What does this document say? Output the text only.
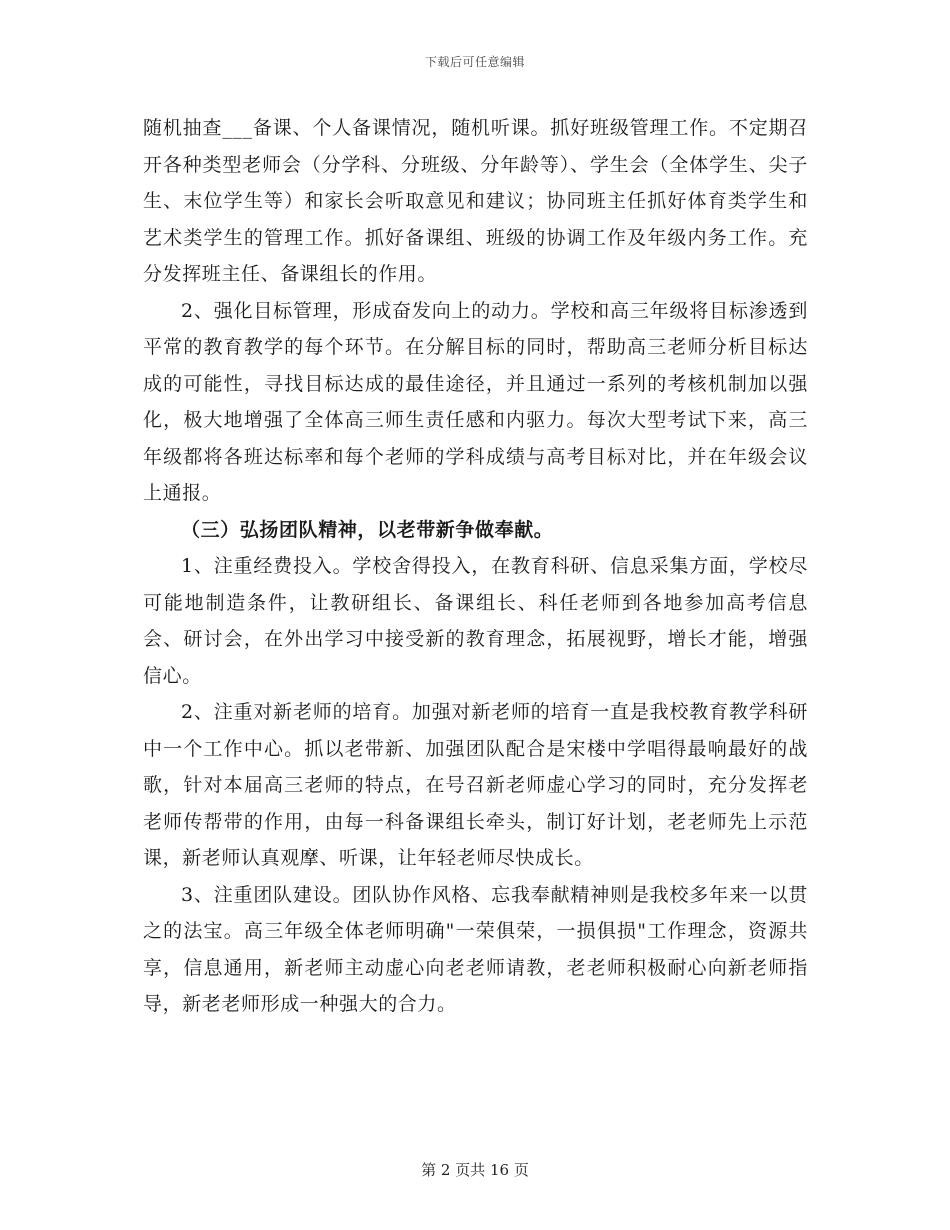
下载后可任意编辑

随机抽查___备课、个人备课情况，随机听课。抓好班级管理工作。不定期召开各种类型老师会（分学科、分班级、分年龄等）、学生会（全体学生、尖子生、末位学生等）和家长会听取意见和建议；协同班主任抓好体育类学生和艺术类学生的管理工作。抓好备课组、班级的协调工作及年级内务工作。充分发挥班主任、备课组长的作用。

2、强化目标管理，形成奋发向上的动力。学校和高三年级将目标渗透到平常的教育教学的每个环节。在分解目标的同时，帮助高三老师分析目标达成的可能性，寻找目标达成的最佳途径，并且通过一系列的考核机制加以强化，极大地增强了全体高三师生责任感和内驱力。每次大型考试下来，高三年级都将各班达标率和每个老师的学科成绩与高考目标对比，并在年级会议上通报。

（三）弘扬团队精神，以老带新争做奉献。

1、注重经费投入。学校舍得投入，在教育科研、信息采集方面，学校尽可能地制造条件，让教研组长、备课组长、科任老师到各地参加高考信息会、研讨会，在外出学习中接受新的教育理念，拓展视野，增长才能，增强信心。

2、注重对新老师的培育。加强对新老师的培育一直是我校教育教学科研中一个工作中心。抓以老带新、加强团队配合是宋楼中学唱得最响最好的战歌，针对本届高三老师的特点，在号召新老师虚心学习的同时，充分发挥老老师传帮带的作用，由每一科备课组长牵头，制订好计划，老老师先上示范课，新老师认真观摩、听课，让年轻老师尽快成长。

3、注重团队建设。团队协作风格、忘我奉献精神则是我校多年来一以贯之的法宝。高三年级全体老师明确"一荣俱荣，一损俱损"工作理念，资源共享，信息通用，新老师主动虚心向老老师请教，老老师积极耐心向新老师指导，新老老师形成一种强大的合力。

第 2 页共 16 页
